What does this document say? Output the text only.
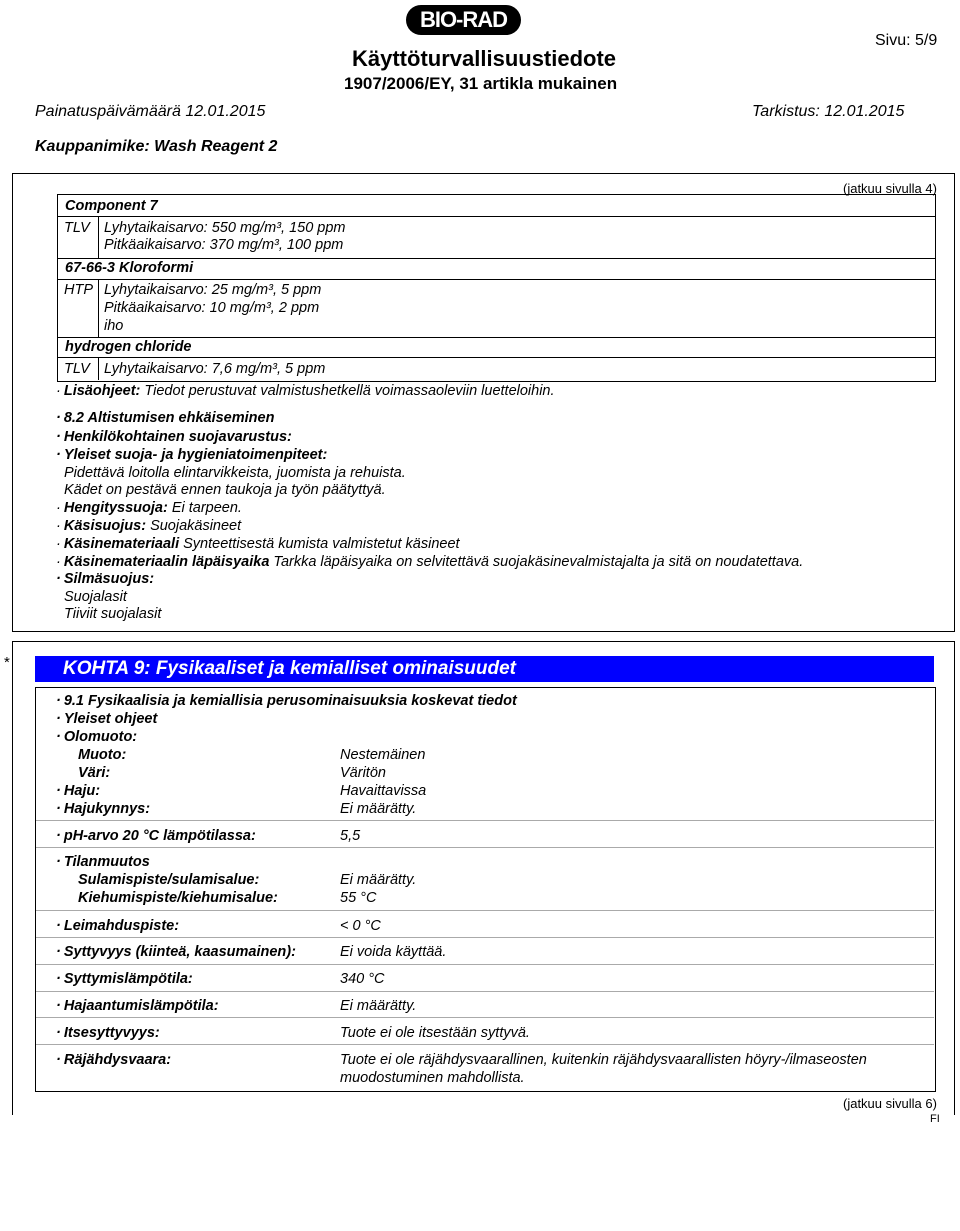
BIO-RAD
Käyttöturvallisuustiedote
1907/2006/EY, 31 artikla mukainen
Sivu: 5/9
Painatuspäivämäärä 12.01.2015	Tarkistus: 12.01.2015
Kauppanimike: Wash Reagent 2
(jatkuu sivulla 4)
Component 7
TLV Lyhytaikaisarvo: 550 mg/m³, 150 ppm
Pitkäaikaisarvo: 370 mg/m³, 100 ppm
67-66-3 Kloroformi
HTP Lyhytaikaisarvo: 25 mg/m³, 5 ppm
Pitkäaikaisarvo: 10 mg/m³, 2 ppm
iho
hydrogen chloride
TLV Lyhytaikaisarvo: 7,6 mg/m³, 5 ppm
· Lisäohjeet: Tiedot perustuvat valmistushetkellä voimassaoleviin luetteloihin.
· 8.2 Altistumisen ehkäiseminen
· Henkilökohtainen suojavarustus:
· Yleiset suoja- ja hygieniatoimenpiteet:
Pidettävä loitolla elintarvikkeista, juomista ja rehuista.
Kädet on pestävä ennen taukoja ja työn päätyttyä.
· Hengityssuoja: Ei tarpeen.
· Käsisuojus: Suojakäsineet
· Käsinemateriaali Synteettisestä kumista valmistetut käsineet
· Käsinemateriaalin läpäisyaika Tarkka läpäisyaika on selvitettävä suojakäsinevalmistajalta ja sitä on noudatettava.
· Silmäsuojus:
Suojalasit
Tiiviit suojalasit
*	KOHTA 9: Fysikaaliset ja kemialliset ominaisuudet
· 9.1 Fysikaalisia ja kemiallisia perusominaisuuksia koskevat tiedot
· Yleiset ohjeet
· Olomuoto:
Muoto:	Nestemäinen
Väri:	Väritön
· Haju:	Havaittavissa
· Hajukynnys:	Ei määrätty.
· pH-arvo 20 °C lämpötilassa:	5,5
· Tilanmuutos
Sulamispiste/sulamisalue:	Ei määrätty.
Kiehumispiste/kiehumisalue:	55 °C
· Leimahduspiste:	< 0 °C
· Syttyvyys (kiinteä, kaasumainen):	Ei voida käyttää.
· Syttymislämpötila:	340 °C
· Hajaantumislämpötila:	Ei määrätty.
· Itsesyttyvyys:	Tuote ei ole itsestään syttyvä.
· Räjähdysvaara:	Tuote ei ole räjähdysvaarallinen, kuitenkin räjähdysvaarallisten höyry-/ilmaseosten
muodostuminen mahdollista.
(jatkuu sivulla 6)
FI
